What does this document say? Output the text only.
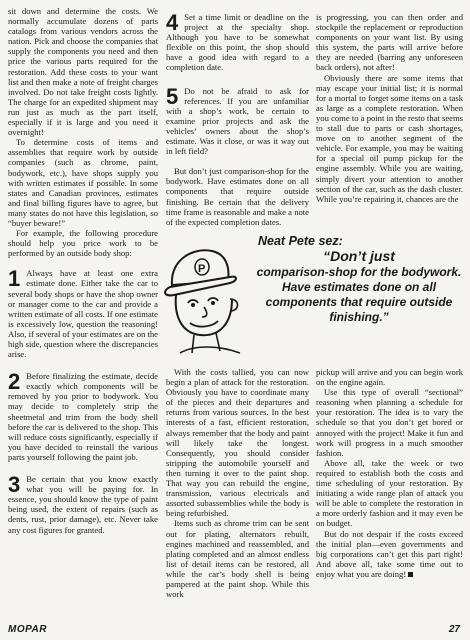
sit down and determine the costs. We normally accumulate dozens of parts catalogs from various vendors across the nation. Pick and choose the companies that supply the components you need and then price the various parts required for the restoration. Add these costs to your want list and then make a note of freight charges involved. Do not take freight costs lightly. The charge for an expedited shipment may run just as much as the part itself, especially if it is large and you need it overnight!

To determine costs of items and assemblies that require work by outside companies (such as chrome, paint, bodywork, etc.), have shops supply you with written estimates if possible. In some states and Canadian provinces, estimates and final billing figures have to agree, but many states do not have this legislation, so “buyer beware!”

For example, the following procedure should help you price work to be performed by an outside body shop:

1 Always have at least one extra estimate done. Either take the car to several body shops or have the shop owner or manager come to the car and provide a written estimate of all costs. If one estimate is excessively low, question the reasoning! Also, if several of your estimates are on the high side, question where the discrepancies arise.

2 Before finalizing the estimate, decide exactly which components will be removed by you prior to bodywork. You may decide to completely strip the sheetmetal and trim from the body shell before the car is delivered to the shop. This will reduce costs significantly, especially if you have decided to reinstall the various parts yourself following the paint job.

3 Be certain that you know exactly what you will be paying for. In essence, you should know the type of paint being used, the extent of repairs (such as dents, rust, prior damage), etc. Never take any cost figures for granted.

4 Set a time limit or deadline on the project at the specialty shop. Although you have to be somewhat flexible on this point, the shop should have a good idea with regard to a completion date.

5 Do not be afraid to ask for references. If you are unfamiliar with a shop’s work, be certain to examine prior projects and ask the vehicles’ owners about the shop’s estimate. Was it close, or was it way out in left field?

But don’t just comparison-shop for the bodywork. Have estimates done on all components that require outside finishing. Be certain that the delivery time frame is reasonable and make a note of the expected completion dates.

is progressing, you can then order and stockpile the replacement or reproduction components on your want list. By using this system, the parts will arrive before they are needed (barring any unforeseen back orders), not after!

Obviously there are some items that may escape your initial list; it is normal for a mortal to forget some items on a task as large as a complete restoration. When you come to a point in the resto that seems to stall due to parts or cash shortages, move on to another segment of the vehicle. For example, you may be waiting for a special oil pump pickup for the engine assembly. While you are waiting, simply divert your attention to another section of the car, such as the dash cluster. While you’re repairing it, chances are the

P
Neat Pete sez:
“Don’t just
comparison-shop for the bodywork. Have estimates done on all components that require outside finishing.”

With the costs tallied, you can now begin a plan of attack for the restoration. Obviously you have to coordinate many of the pieces and their departures and returns from various sources. In the best interests of a fast, efficient restoration, always remember that the body and paint will likely take the longest. Consequently, you should consider stripping the automobile yourself and then turning it over to the paint shop. That way you can rebuild the engine, transmission, various electricals and assorted subassemblies while the body is being refurbished.

Items such as chrome trim can be sent out for plating, alternators rebuilt, engines machined and reassembled, and plating completed and an almost endless list of detail items can be restored, all while the car’s body shell is being pampered at the paint shop. While this work

pickup will arrive and you can begin work on the engine again.

Use this type of overall “sectional” reasoning when planning a schedule for your restoration. The idea is to vary the schedule so that you don’t get bored or annoyed with the project! Make it fun and work will progress in a much smoother fashion.

Above all, take the week or two required to establish both the costs and time scheduling of your restoration. By initiating a wide range plan of attack you will be able to complete the restoration in a more orderly fashion and it may even be on budget.

But do not despair if the costs exceed the initial plan—even governments and big corporations can’t get this part right! And above all, take some time out to enjoy what you are doing!

MOPAR	27
